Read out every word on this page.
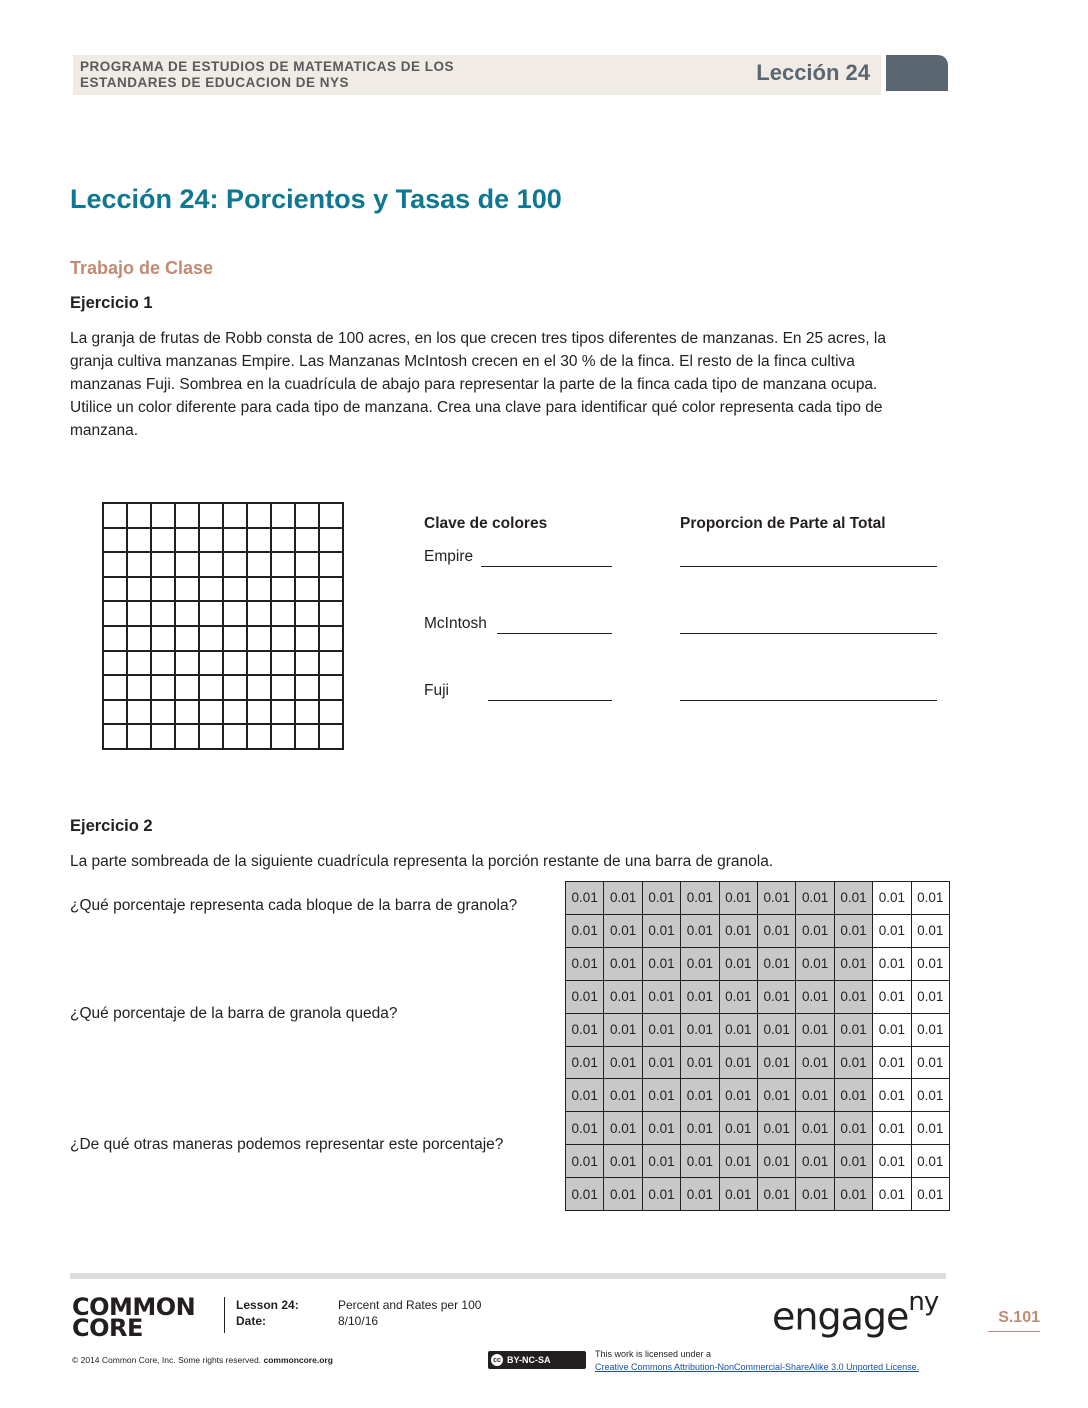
PROGRAMA DE ESTUDIOS DE MATEMATICAS DE LOS
ESTANDARES DE EDUCACION DE NYS	Lección 24
Lección 24: Porcientos y Tasas de 100
Trabajo de Clase
Ejercicio 1
La granja de frutas de Robb consta de 100 acres, en los que crecen tres tipos diferentes de manzanas. En 25 acres, la
granja cultiva manzanas Empire. Las Manzanas McIntosh crecen en el 30 % de la finca. El resto de la finca cultiva
manzanas Fuji. Sombrea en la cuadrícula de abajo para representar la parte de la finca cada tipo de manzana ocupa.
Utilice un color diferente para cada tipo de manzana. Crea una clave para identificar qué color representa cada tipo de
manzana.
Clave de colores	Proporcion de Parte al Total
Empire
McIntosh
Fuji
Ejercicio 2
La parte sombreada de la siguiente cuadrícula representa la porción restante de una barra de granola.
¿Qué porcentaje representa cada bloque de la barra de granola?
¿Qué porcentaje de la barra de granola queda?
¿De qué otras maneras podemos representar este porcentaje?
0.01 0.01 0.01 0.01 0.01 0.01 0.01 0.01 0.01 0.01
0.01 0.01 0.01 0.01 0.01 0.01 0.01 0.01 0.01 0.01
0.01 0.01 0.01 0.01 0.01 0.01 0.01 0.01 0.01 0.01
0.01 0.01 0.01 0.01 0.01 0.01 0.01 0.01 0.01 0.01
0.01 0.01 0.01 0.01 0.01 0.01 0.01 0.01 0.01 0.01
0.01 0.01 0.01 0.01 0.01 0.01 0.01 0.01 0.01 0.01
0.01 0.01 0.01 0.01 0.01 0.01 0.01 0.01 0.01 0.01
0.01 0.01 0.01 0.01 0.01 0.01 0.01 0.01 0.01 0.01
0.01 0.01 0.01 0.01 0.01 0.01 0.01 0.01 0.01 0.01
0.01 0.01 0.01 0.01 0.01 0.01 0.01 0.01 0.01 0.01
COMMON
CORE
Lesson 24:	Percent and Rates per 100
Date:	8/10/16
© 2014 Common Core, Inc. Some rights reserved. commoncore.org	cc BY-NC-SA
This work is licensed under a
Creative Commons Attribution-NonCommercial-ShareAlike 3.0 Unported License.
engage$^{ny}$
S.101
